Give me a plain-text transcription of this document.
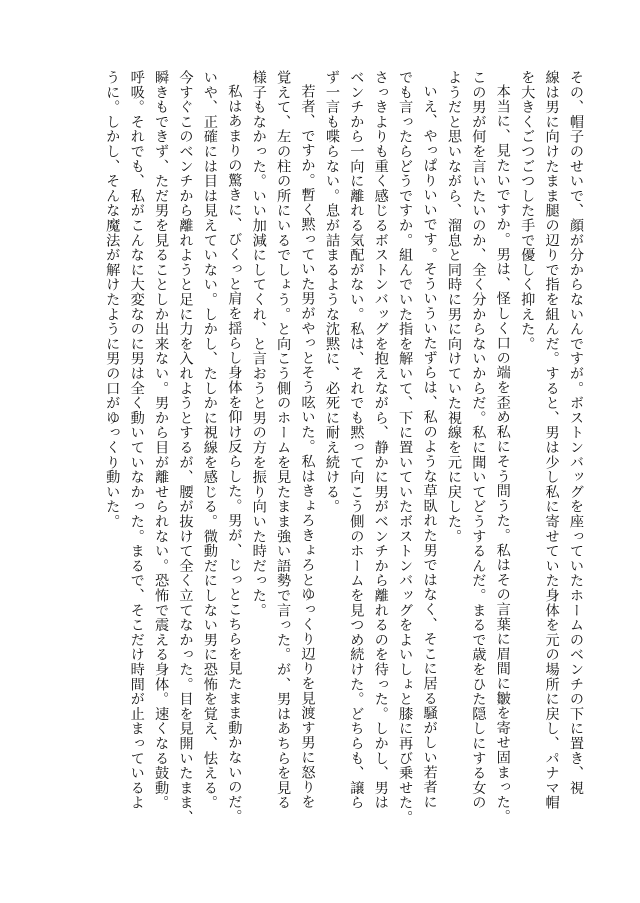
その、帽子のせいで、顔が分からないんですが。ボストンバッグを座っていたホームのベンチの下に置き、視

線は男に向けたまま腿の辺りで指を組んだ。すると、男は少し私に寄せていた身体を元の場所に戻し、パナマ帽

を大きくごつごつした手で優しく抑えた。

本当に、見たいですか。男は、怪しく口の端を歪め私にそう問うた。私はその言葉に眉間に皺を寄せ固まった。

この男が何を言いたいのか、全く分からないからだ。私に聞いてどうするんだ。まるで歳をひた隠しにする女の

ようだと思いながら、溜息と同時に男に向けていた視線を元に戻した。

いえ、やっぱりいいです。そういういたずらは、私のような草臥れた男ではなく、そこに居る騒がしい若者に

でも言ったらどうですか。組んでいた指を解いて、下に置いていたボストンバッグをよいしょと膝に再び乗せた。

さっきよりも重く感じるボストンバッグを抱えながら、静かに男がベンチから離れるのを待った。しかし、男は

ベンチから一向に離れる気配がない。私は、それでも黙って向こう側のホームを見つめ続けた。どちらも、譲ら

ず一言も喋らない。息が詰まるような沈黙に、必死に耐え続ける。

若者、ですか。暫く黙っていた男がやっとそう呟いた。私はきょろきょろとゆっくり辺りを見渡す男に怒りを

覚えて、左の柱の所にいるでしょう。と向こう側のホームを見たまま強い語勢で言った。が、男はあちらを見る

様子もなかった。いい加減にしてくれ、と言おうと男の方を振り向いた時だった。

私はあまりの驚きに、びくっと肩を揺らし身体を仰け反らした。男が、じっとこちらを見たまま動かないのだ。

いや、正確には目は見えていない。しかし、たしかに視線を感じる。微動だにしない男に恐怖を覚え、怯える。

今すぐこのベンチから離れようと足に力を入れようとするが、腰が抜けて全く立てなかった。目を見開いたまま、

瞬きもできず、ただ男を見ることしか出来ない。男から目が離せられない。恐怖で震える身体。速くなる鼓動。

呼吸。それでも、私がこんなに大変なのに男は全く動いていなかった。まるで、そこだけ時間が止まっているよ

うに。しかし、そんな魔法が解けたように男の口がゆっくり動いた。
